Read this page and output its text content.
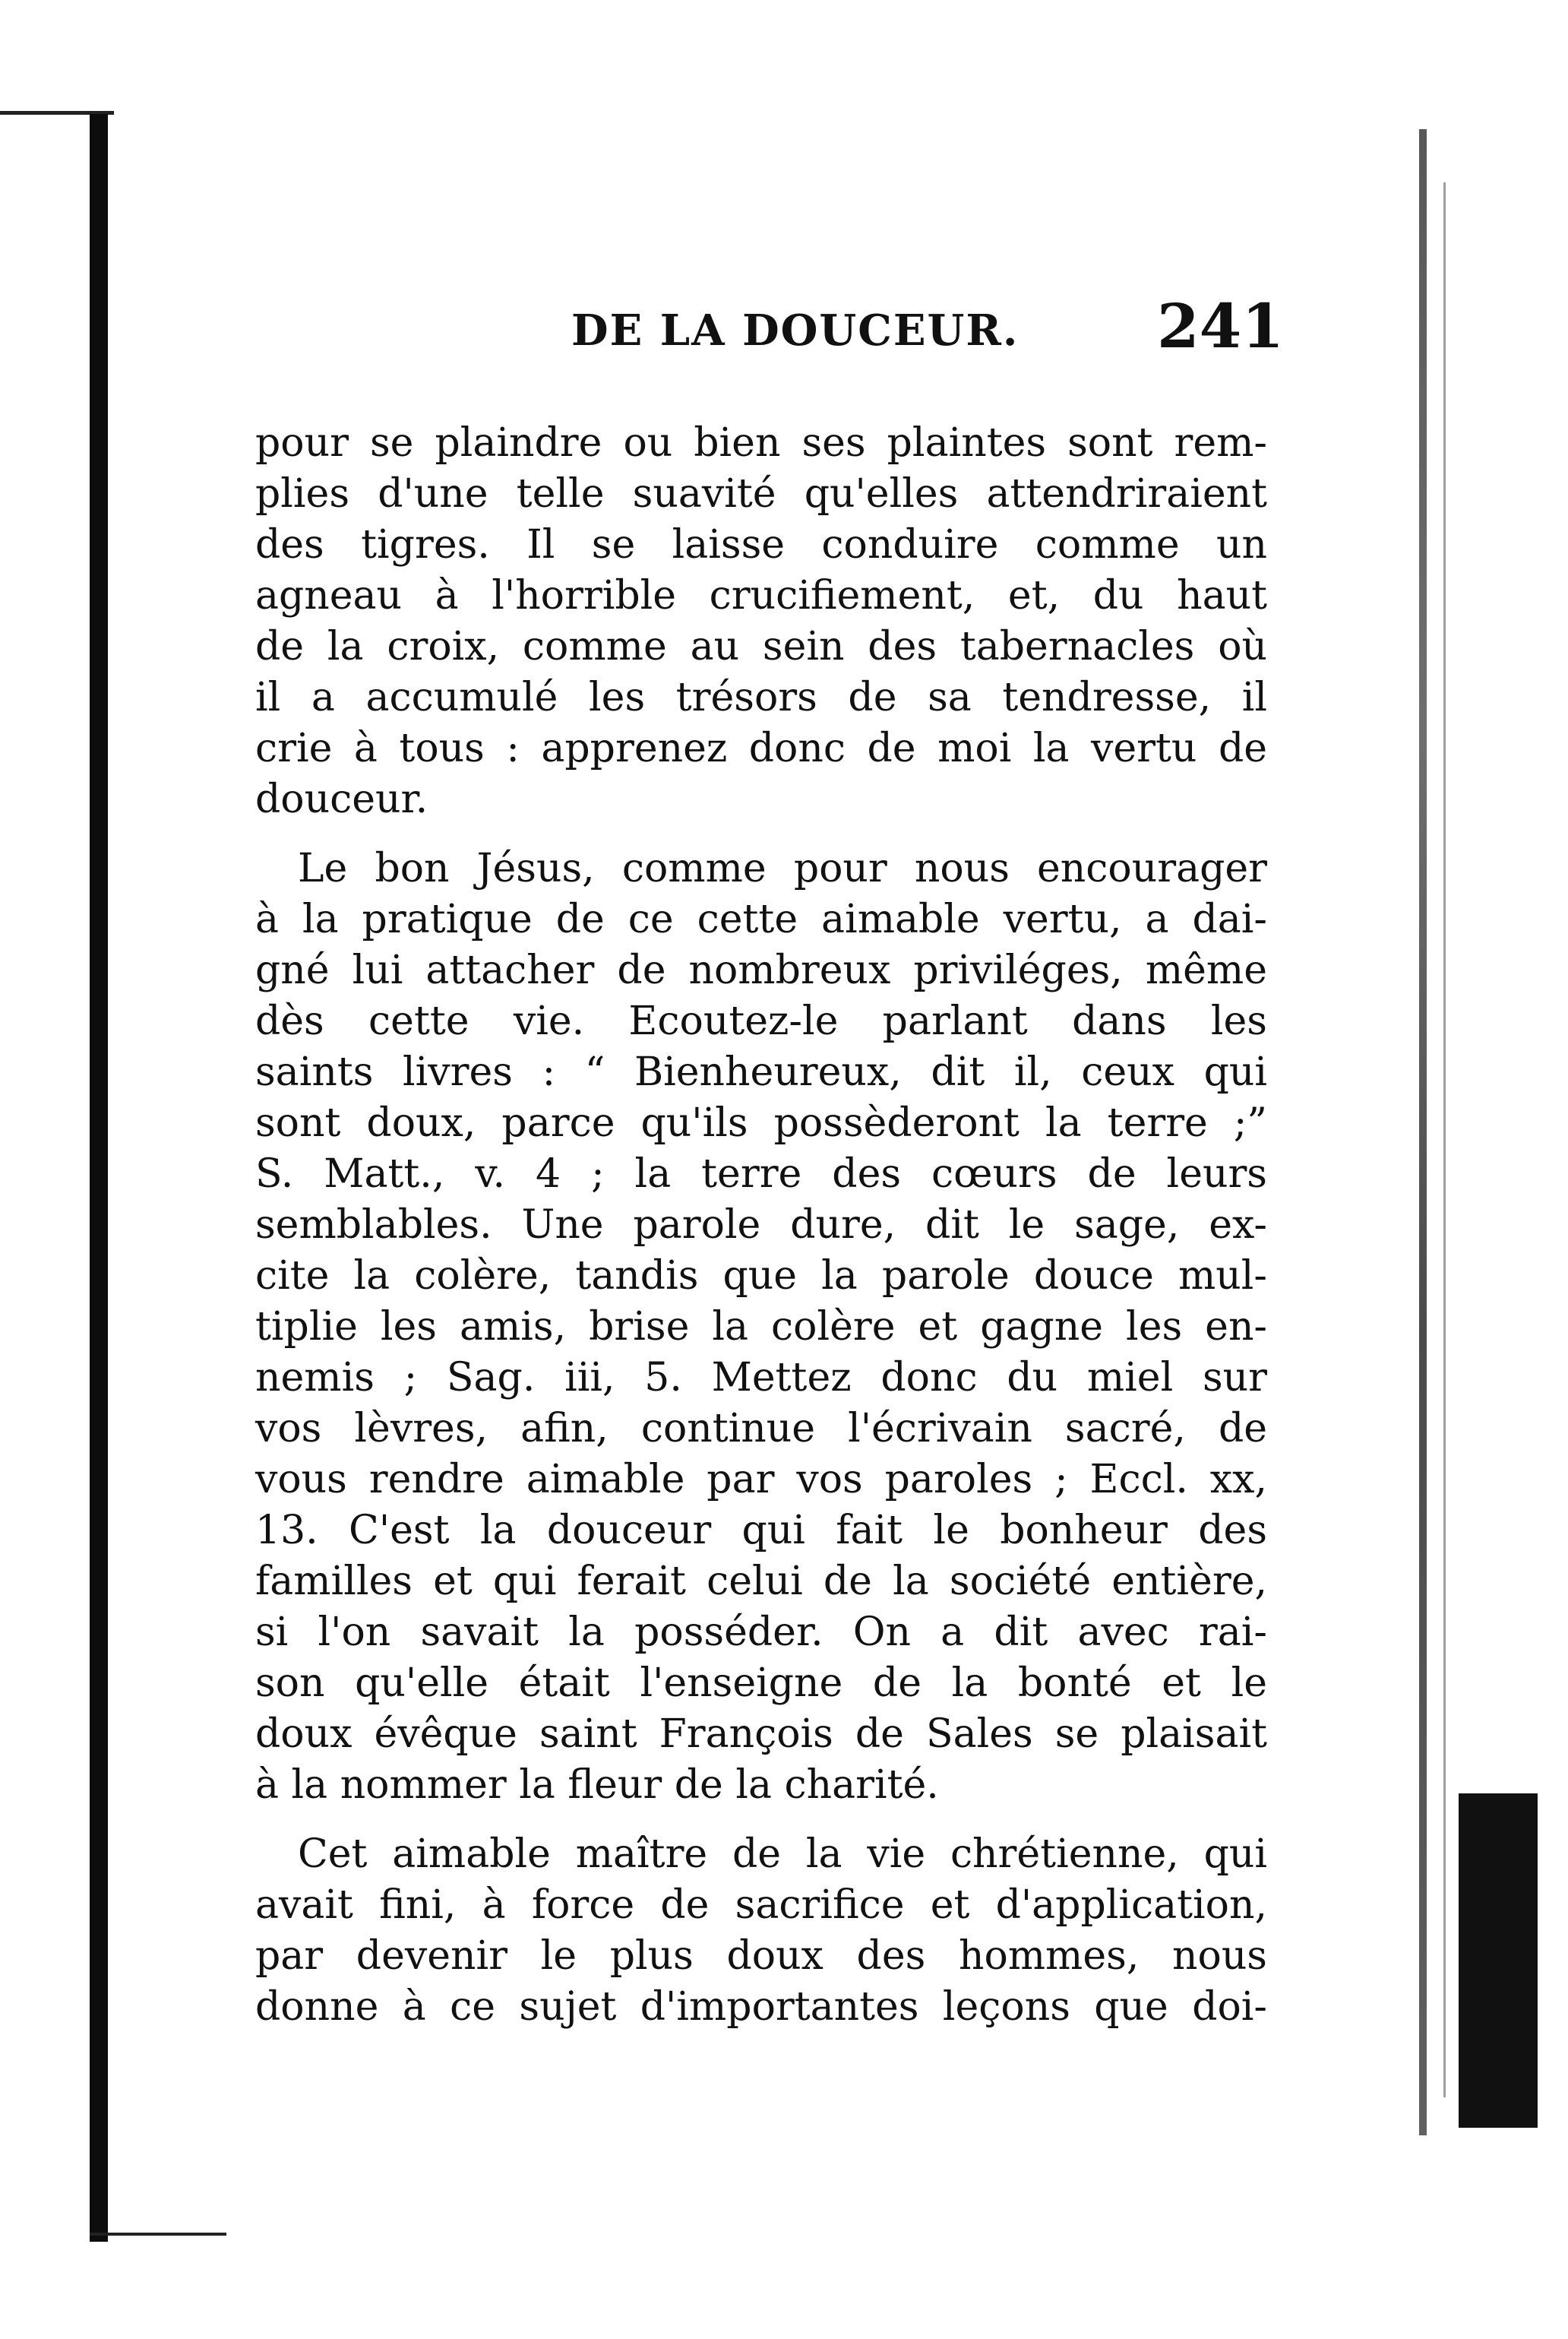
DE LA DOUCEUR. 241
pour se plaindre ou bien ses plaintes sont rem-
plies d'une telle suavité qu'elles attendriraient
des tigres. Il se laisse conduire comme un
agneau à l'horrible crucifiement, et, du haut
de la croix, comme au sein des tabernacles où
il a accumulé les trésors de sa tendresse, il
crie à tous : apprenez donc de moi la vertu de
douceur.
Le bon Jésus, comme pour nous encourager
à la pratique de ce cette aimable vertu, a dai-
gné lui attacher de nombreux priviléges, même
dès cette vie. Ecoutez-le parlant dans les
saints livres : “ Bienheureux, dit il, ceux qui
sont doux, parce qu'ils possèderont la terre ;”
S. Matt., v. 4 ; la terre des cœurs de leurs
semblables. Une parole dure, dit le sage, ex-
cite la colère, tandis que la parole douce mul-
tiplie les amis, brise la colère et gagne les en-
nemis ; Sag. iii, 5. Mettez donc du miel sur
vos lèvres, afin, continue l'écrivain sacré, de
vous rendre aimable par vos paroles ; Eccl. xx,
13. C'est la douceur qui fait le bonheur des
familles et qui ferait celui de la société entière,
si l'on savait la posséder. On a dit avec rai-
son qu'elle était l'enseigne de la bonté et le
doux évêque saint François de Sales se plaisait
à la nommer la fleur de la charité.
Cet aimable maître de la vie chrétienne, qui
avait fini, à force de sacrifice et d'application,
par devenir le plus doux des hommes, nous
donne à ce sujet d'importantes leçons que doi-
